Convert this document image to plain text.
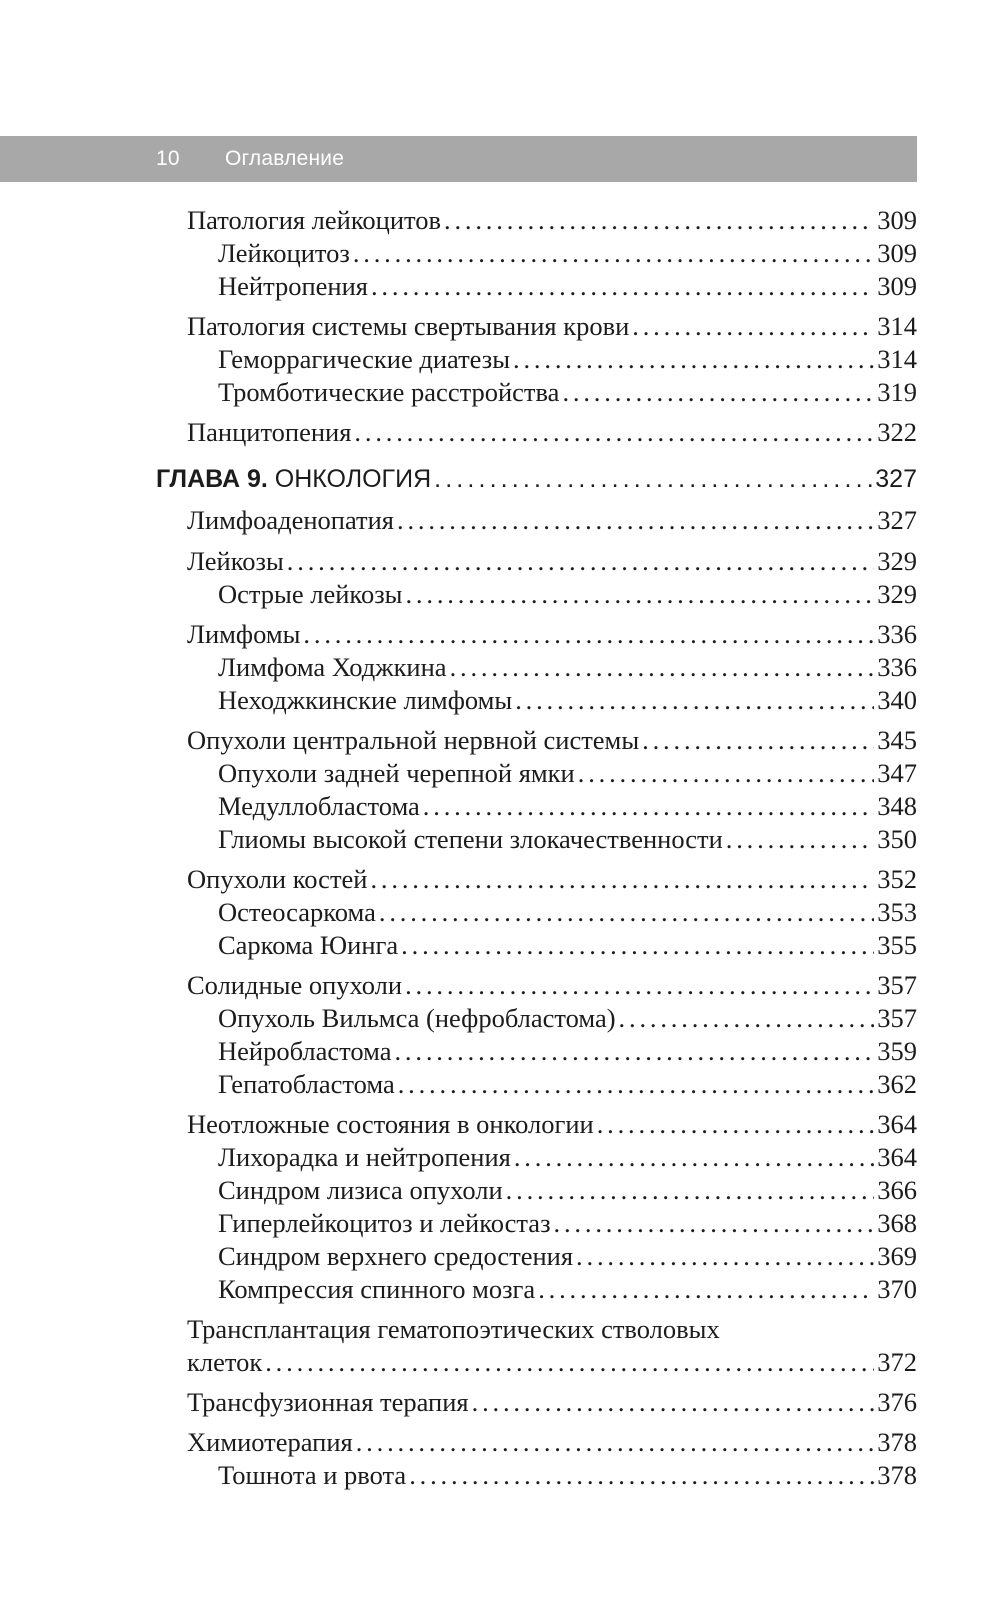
10 Оглавление
Патология лейкоцитов . . .	309
Лейкоцитоз . . .	309
Нейтропения . . .	309
Патология системы свертывания крови . . .	314
Геморрагические диатезы . . .	314
Тромботические расстройства . . .	319
Панцитопения . . .	322
ГЛАВА 9. ОНКОЛОГИЯ . . .	327
Лимфоаденопатия . . .	327
Лейкозы . . .	329
Острые лейкозы . . .	329
Лимфомы . . .	336
Лимфома Ходжкина . . .	336
Неходжкинские лимфомы . . .	340
Опухоли центральной нервной системы . . .	345
Опухоли задней черепной ямки . . .	347
Медуллобластома . . .	348
Глиомы высокой степени злокачественности . . .	350
Опухоли костей . . .	352
Остеосаркома . . .	353
Саркома Юинга . . .	355
Солидные опухоли . . .	357
Опухоль Вильмса (нефробластома) . . .	357
Нейробластома . . .	359
Гепатобластома . . .	362
Неотложные состояния в онкологии . . .	364
Лихорадка и нейтропения . . .	364
Синдром лизиса опухоли . . .	366
Гиперлейкоцитоз и лейкостаз . . .	368
Синдром верхнего средостения . . .	369
Компрессия спинного мозга . . .	370
Трансплантация гематопоэтических стволовых
клеток . . .	372
Трансфузионная терапия . . .	376
Химиотерапия . . .	378
Тошнота и рвота . . .	378
